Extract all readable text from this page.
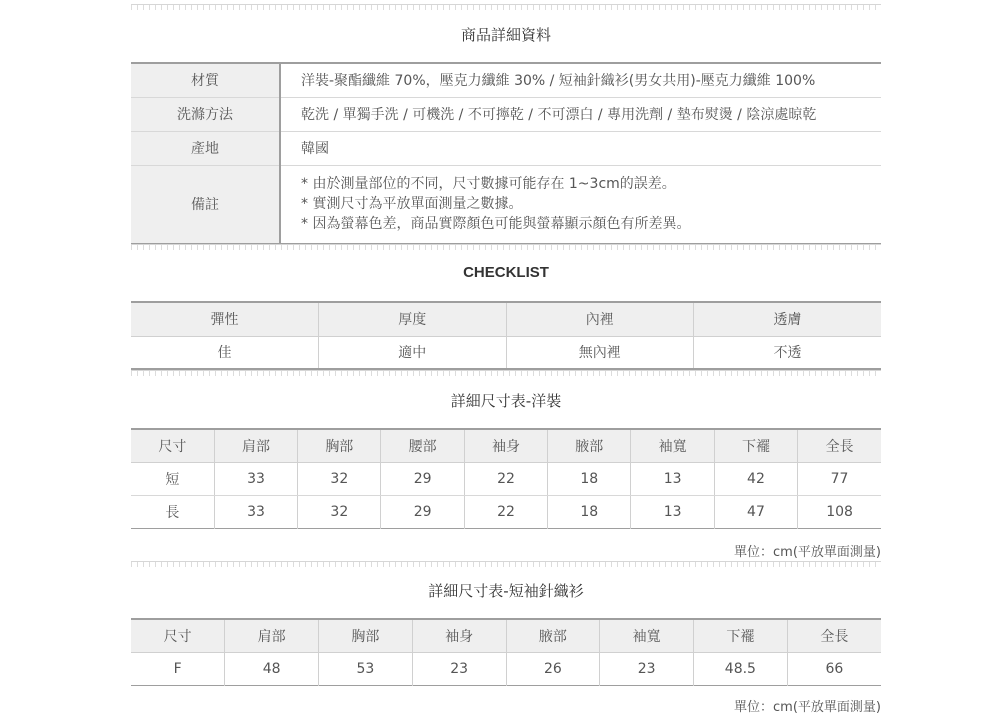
商品詳細資料
材質	洋裝-聚酯纖維 70%，壓克力纖維 30% / 短袖針織衫(男女共用)-壓克力纖維 100%
洗滌方法	乾洗 / 單獨手洗 / 可機洗 / 不可擰乾 / 不可漂白 / 專用洗劑 / 墊布熨燙 / 陰涼處晾乾
產地	韓國
備註	* 由於測量部位的不同，尺寸數據可能存在 1~3cm的誤差。
* 實測尺寸為平放單面測量之數據。
* 因為螢幕色差，商品實際顏色可能與螢幕顯示顏色有所差異。
CHECKLIST
彈性	厚度	內裡	透膚
佳	適中	無內裡	不透
詳細尺寸表-洋裝
尺寸	肩部	胸部	腰部	袖身	腋部	袖寬	下襬	全長
短	33	32	29	22	18	13	42	77
長	33	32	29	22	18	13	47	108
單位：cm(平放單面測量)
詳細尺寸表-短袖針織衫
尺寸	肩部	胸部	袖身	腋部	袖寬	下襬	全長
F	48	53	23	26	23	48.5	66
單位：cm(平放單面測量)
